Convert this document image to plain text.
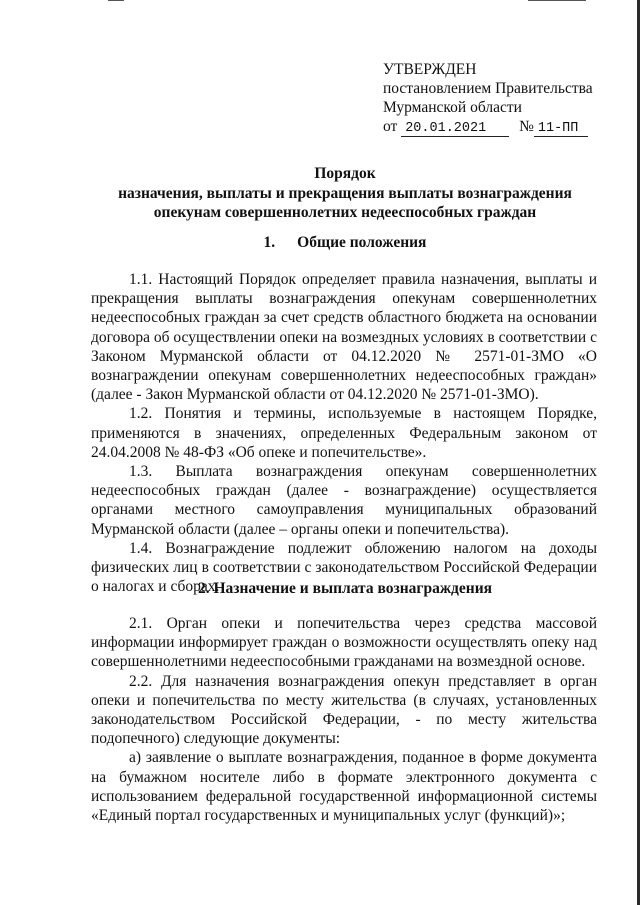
УТВЕРЖДЕН
постановлением Правительства
Мурманской области
от 20.01.2021 № 11-ПП
Порядок
назначения, выплаты и прекращения выплаты вознаграждения
опекунам совершеннолетних недееспособных граждан
1. Общие положения

1.1. Настоящий Порядок определяет правила назначения, выплаты и прекращения выплаты вознаграждения опекунам совершеннолетних недееспособных граждан за счет средств областного бюджета на основании договора об осуществлении опеки на возмездных условиях в соответствии с Законом Мурманской области от 04.12.2020 № 2571-01-ЗМО «О вознаграждении опекунам совершеннолетних недееспособных граждан» (далее - Закон Мурманской области от 04.12.2020 № 2571-01-ЗМО).

1.2. Понятия и термины, используемые в настоящем Порядке, применяются в значениях, определенных Федеральным законом от 24.04.2008 № 48-ФЗ «Об опеке и попечительстве».

1.3. Выплата вознаграждения опекунам совершеннолетних недееспособных граждан (далее - вознаграждение) осуществляется органами местного самоуправления муниципальных образований Мурманской области (далее – органы опеки и попечительства).

1.4. Вознаграждение подлежит обложению налогом на доходы физических лиц в соответствии с законодательством Российской Федерации о налогах и сборах.

2. Назначение и выплата вознаграждения

2.1. Орган опеки и попечительства через средства массовой информации информирует граждан о возможности осуществлять опеку над совершеннолетними недееспособными гражданами на возмездной основе.

2.2. Для назначения вознаграждения опекун представляет в орган опеки и попечительства по месту жительства (в случаях, установленных законодательством Российской Федерации, - по месту жительства подопечного) следующие документы:

а) заявление о выплате вознаграждения, поданное в форме документа на бумажном носителе либо в формате электронного документа с использованием федеральной государственной информационной системы «Единый портал государственных и муниципальных услуг (функций)»;
